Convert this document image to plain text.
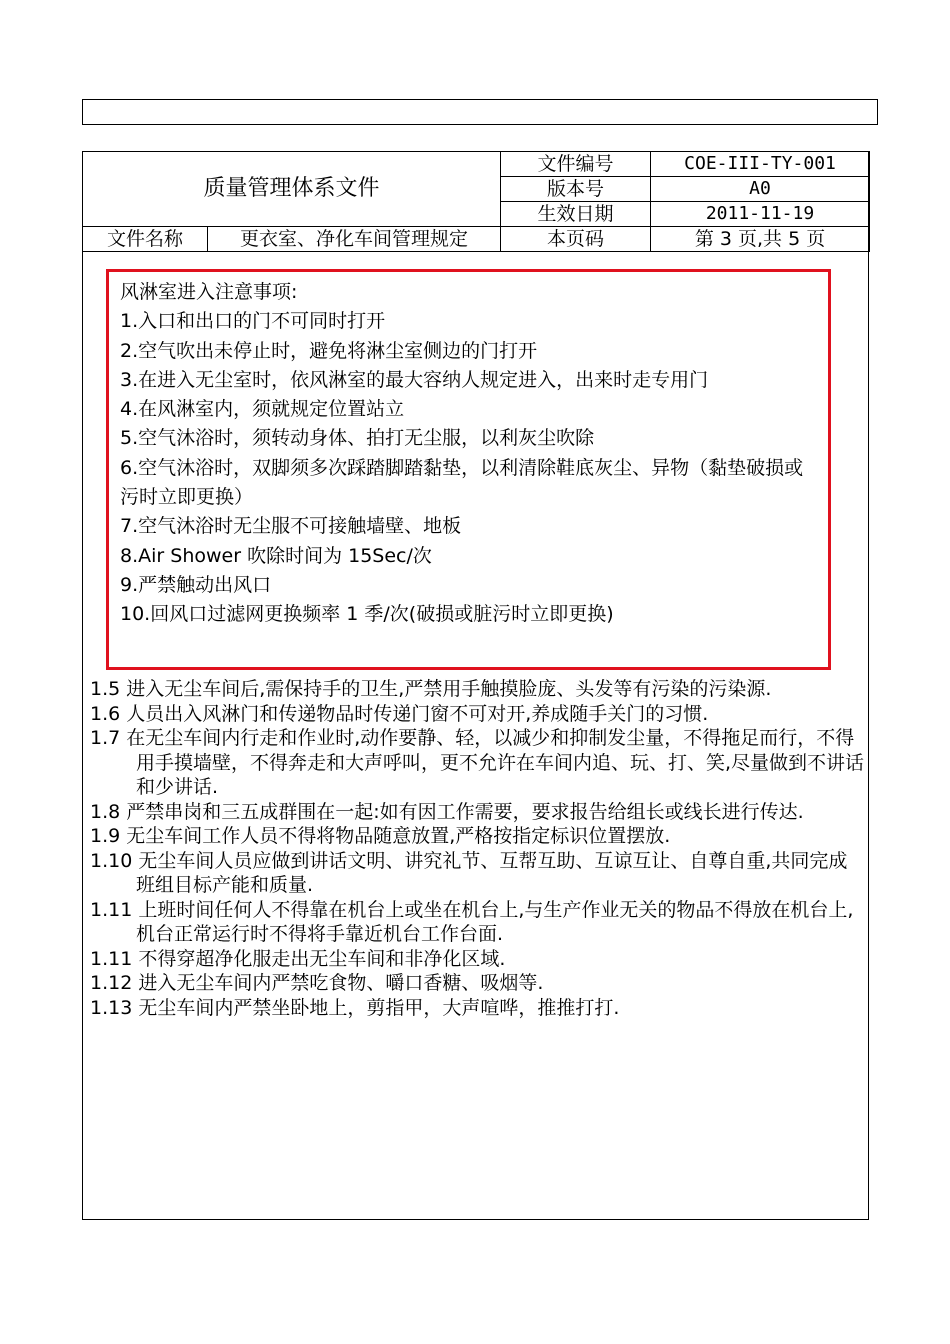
质量管理体系文件		文件编号	COE-III-TY-001
		版本号	A0
		生效日期	2011-11-19
文件名称	更衣室、净化车间管理规定	本页码	第 3 页,共 5 页
风淋室进入注意事项:
1.入口和出口的门不可同时打开
2.空气吹出未停止时，避免将淋尘室侧边的门打开
3.在进入无尘室时，依风淋室的最大容纳人规定进入，出来时走专用门
4.在风淋室内，须就规定位置站立
5.空气沐浴时，须转动身体、拍打无尘服，以利灰尘吹除
6.空气沐浴时，双脚须多次踩踏脚踏黏垫，以利清除鞋底灰尘、异物（黏垫破损或污时立即更换）
7.空气沐浴时无尘服不可接触墙壁、地板
8.Air Shower 吹除时间为 15Sec/次
9.严禁触动出风口
10.回风口过滤网更换频率 1 季/次(破损或脏污时立即更换)
1.5 进入无尘车间后,需保持手的卫生,严禁用手触摸脸庞、头发等有污染的污染源.
1.6 人员出入风淋门和传递物品时传递门窗不可对开,养成随手关门的习惯.
1.7 在无尘车间内行走和作业时,动作要静、轻，以减少和抑制发尘量，不得拖足而行，不得用手摸墙壁，不得奔走和大声呼叫，更不允许在车间内追、玩、打、笑,尽量做到不讲话和少讲话.
1.8 严禁串岗和三五成群围在一起:如有因工作需要，要求报告给组长或线长进行传达.
1.9 无尘车间工作人员不得将物品随意放置,严格按指定标识位置摆放.
1.10 无尘车间人员应做到讲话文明、讲究礼节、互帮互助、互谅互让、自尊自重,共同完成班组目标产能和质量.
1.11 上班时间任何人不得靠在机台上或坐在机台上,与生产作业无关的物品不得放在机台上,机台正常运行时不得将手靠近机台工作台面.
1.11 不得穿超净化服走出无尘车间和非净化区域.
1.12 进入无尘车间内严禁吃食物、嚼口香糖、吸烟等.
1.13 无尘车间内严禁坐卧地上，剪指甲，大声喧哗，推推打打.
